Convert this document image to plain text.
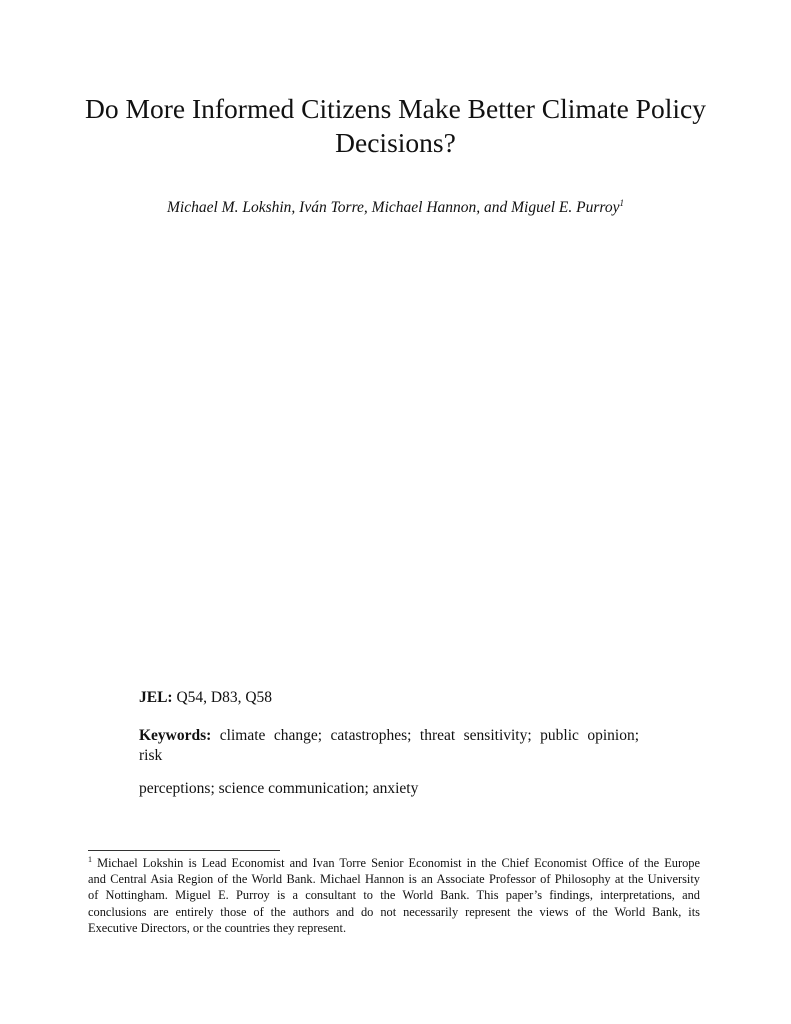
Do More Informed Citizens Make Better Climate Policy
Decisions?
Michael M. Lokshin, Iván Torre, Michael Hannon, and Miguel E. Purroy$^1$
JEL: Q54, D83, Q58
Keywords: climate change; catastrophes; threat sensitivity; public opinion;
risk
perceptions; science communication; anxiety
$^1$ Michael Lokshin is Lead Economist and Ivan Torre Senior Economist in the Chief Economist Office of the Europe
and Central Asia Region of the World Bank. Michael Hannon is an Associate Professor of Philosophy at the University
of Nottingham. Miguel E. Purroy is a consultant to the World Bank. This paper’s findings, interpretations, and
conclusions are entirely those of the authors and do not necessarily represent the views of the World Bank, its
Executive Directors, or the countries they represent.
